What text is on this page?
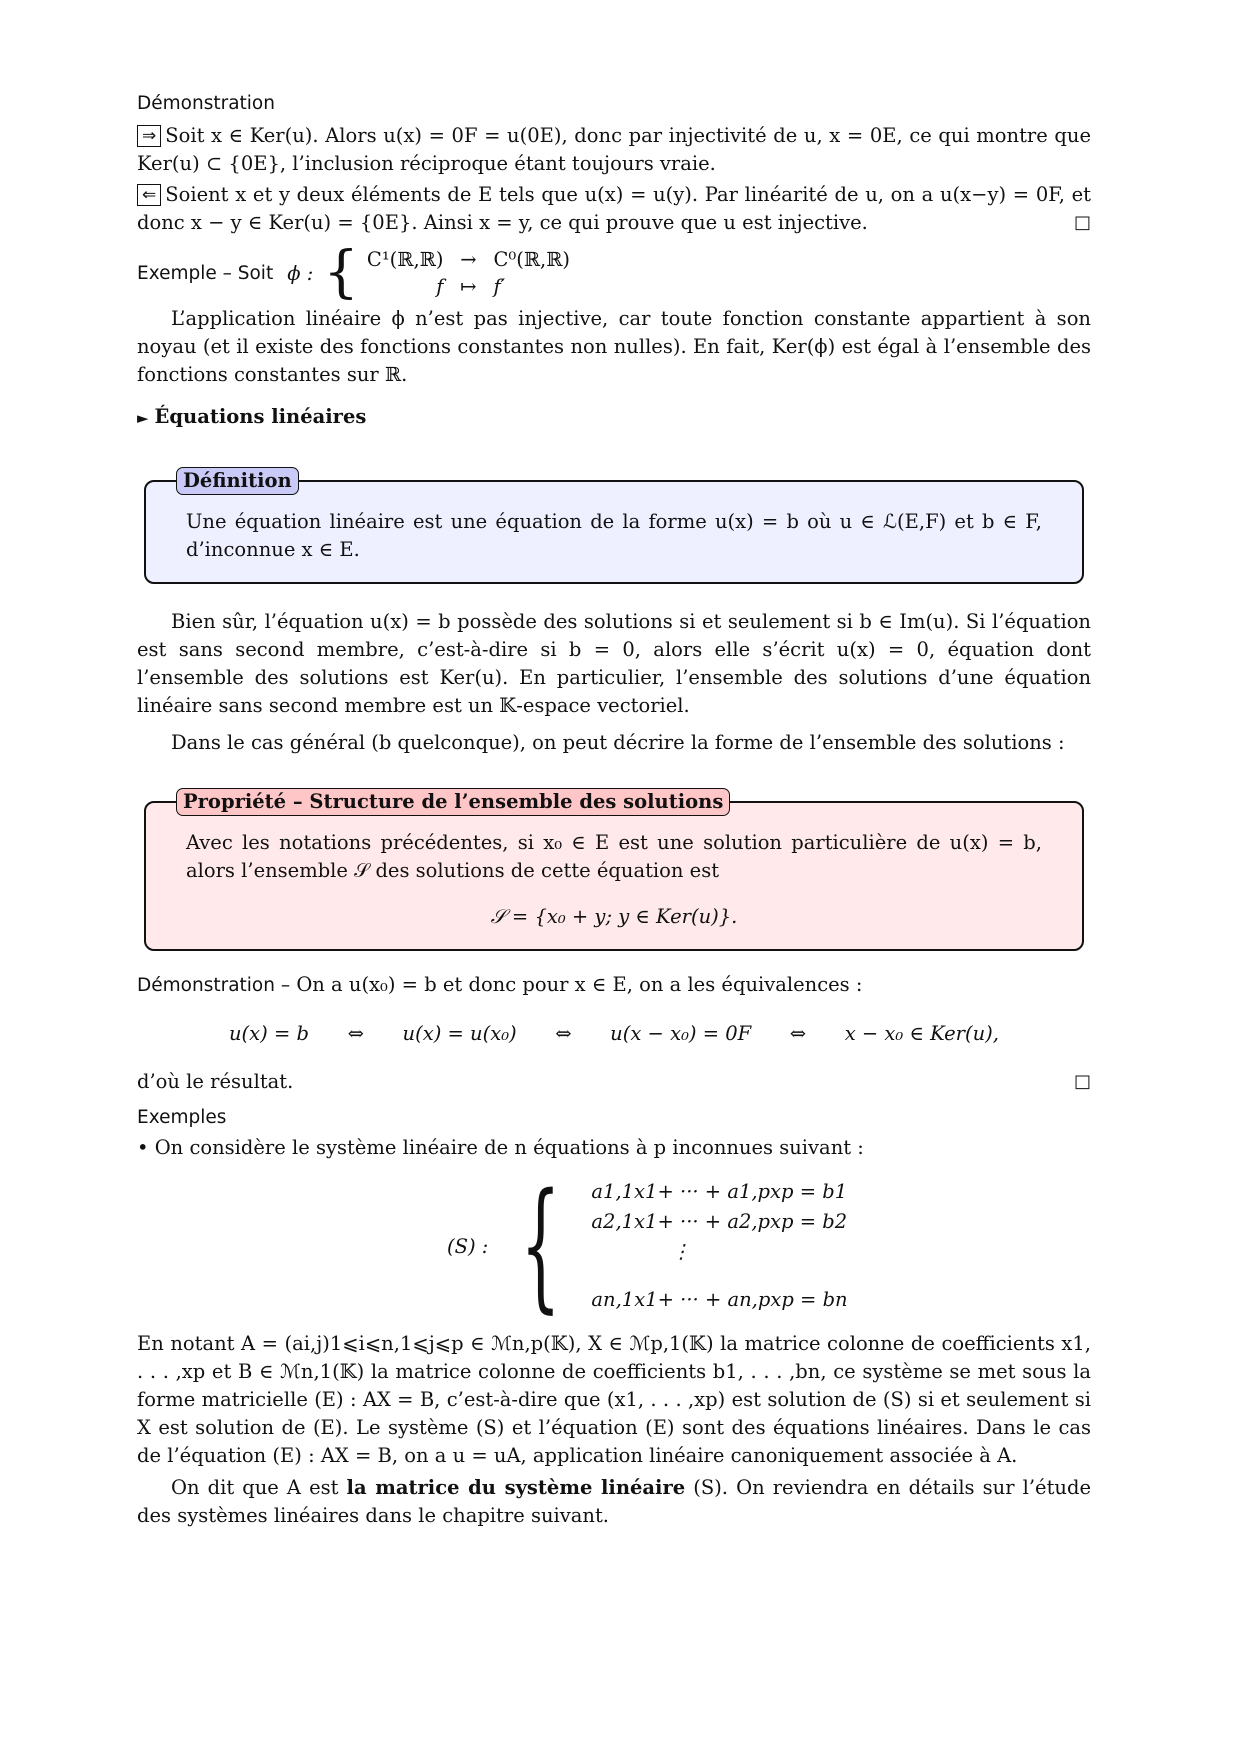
Démonstration

⇒ Soit x ∈ Ker(u). Alors u(x) = 0F = u(0E), donc par injectivité de u, x = 0E, ce qui montre que Ker(u) ⊂ {0E}, l’inclusion réciproque étant toujours vraie.

⇐ Soient x et y deux éléments de E tels que u(x) = u(y). Par linéarité de u, on a u(x−y) = 0F, et donc x − y ∈ Ker(u) = {0E}. Ainsi x = y, ce qui prouve que u est injective.	□

Exemple – Soit ϕ : { C¹(ℝ,ℝ) → C⁰(ℝ,ℝ)
f ↦ f′

L’application linéaire ϕ n’est pas injective, car toute fonction constante appartient à son noyau (et il existe des fonctions constantes non nulles). En fait, Ker(ϕ) est égal à l’ensemble des fonctions constantes sur ℝ.

► Équations linéaires

Définition

Une équation linéaire est une équation de la forme u(x) = b où u ∈ ℒ(E,F) et b ∈ F, d’inconnue x ∈ E.

Bien sûr, l’équation u(x) = b possède des solutions si et seulement si b ∈ Im(u). Si l’équation est sans second membre, c’est-à-dire si b = 0, alors elle s’écrit u(x) = 0, équation dont l’ensemble des solutions est Ker(u). En particulier, l’ensemble des solutions d’une équation linéaire sans second membre est un 𝕂-espace vectoriel.

Dans le cas général (b quelconque), on peut décrire la forme de l’ensemble des solutions :

Propriété – Structure de l’ensemble des solutions

Avec les notations précédentes, si x₀ ∈ E est une solution particulière de u(x) = b, alors l’ensemble 𝒮 des solutions de cette équation est

𝒮 = {x₀ + y; y ∈ Ker(u)}.

Démonstration – On a u(x₀) = b et donc pour x ∈ E, on a les équivalences :

u(x) = b ⇔ u(x) = u(x₀) ⇔ u(x − x₀) = 0F ⇔ x − x₀ ∈ Ker(u),

d’où le résultat.	□

Exemples

• On considère le système linéaire de n équations à p inconnues suivant :

(S) : { a1,1x1+ ··· + a1,pxp = b1
a2,1x1+ ··· + a2,pxp = b2
⋮
an,1x1+ ··· + an,pxp = bn

En notant A = (ai,j)1⩽i⩽n,1⩽j⩽p ∈ ℳn,p(𝕂), X ∈ ℳp,1(𝕂) la matrice colonne de coefficients x1, . . . ,xp et B ∈ ℳn,1(𝕂) la matrice colonne de coefficients b1, . . . ,bn, ce système se met sous la forme matricielle (E) : AX = B, c’est-à-dire que (x1, . . . ,xp) est solution de (S) si et seulement si X est solution de (E). Le système (S) et l’équation (E) sont des équations linéaires. Dans le cas de l’équation (E) : AX = B, on a u = uA, application linéaire canoniquement associée à A.

On dit que A est la matrice du système linéaire (S). On reviendra en détails sur l’étude des systèmes linéaires dans le chapitre suivant.
